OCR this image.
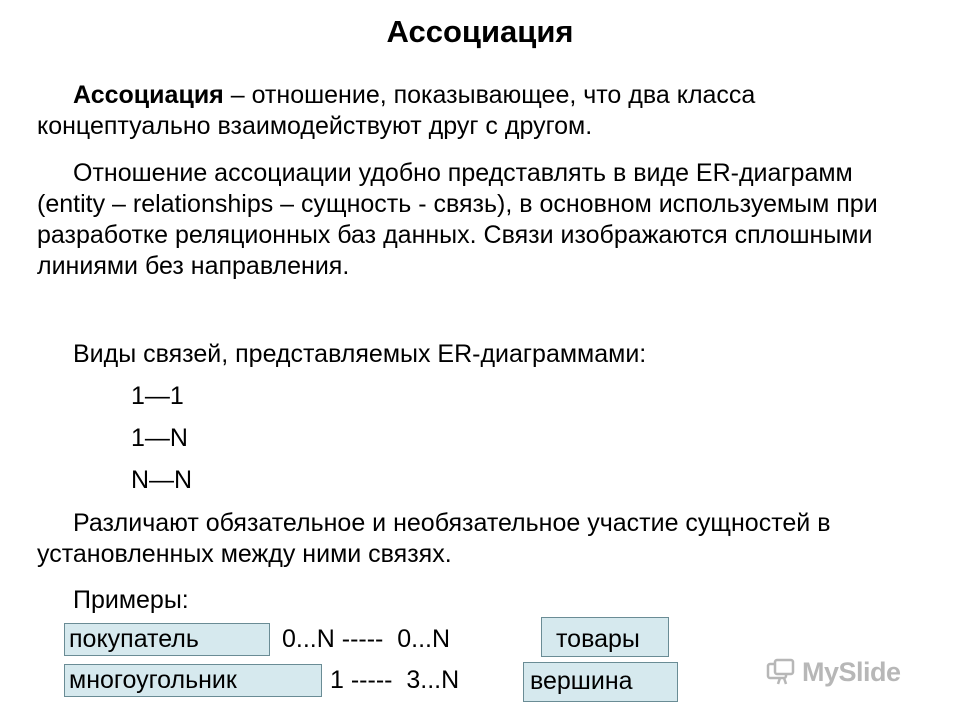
Ассоциация

Ассоциация – отношение, показывающее, что два класса концептуально взаимодействуют друг с другом.

Отношение ассоциации удобно представлять в виде ER-диаграмм (entity – relationships – сущность - связь), в основном используемым при разработке реляционных баз данных. Связи изображаются сплошными линиями без направления.

Виды связей, представляемых ER-диаграммами:

1—1
1—N
N—N

Различают обязательное и необязательное участие сущностей в установленных между ними связях.

Примеры:
покупатель	0...N -----  0...N	товары
многоугольник	1 -----  3...N	вершина	MySlide
